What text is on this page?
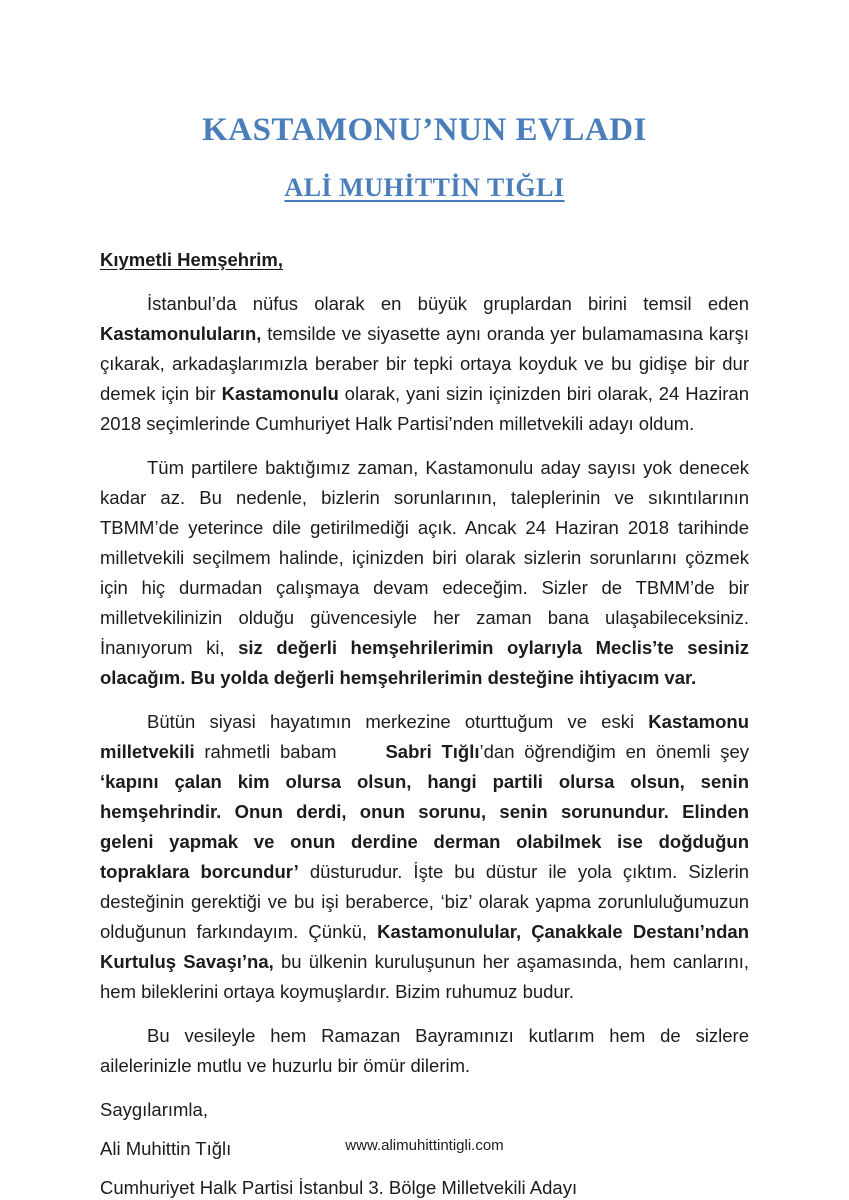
KASTAMONU’NUN EVLADI
ALİ MUHİTTİN TIĞLI

Kıymetli Hemşehrim,

İstanbul’da nüfus olarak en büyük gruplardan birini temsil eden Kastamonuluların, temsilde ve siyasette aynı oranda yer bulamamasına karşı çıkarak, arkadaşlarımızla beraber bir tepki ortaya koyduk ve bu gidişe bir dur demek için bir Kastamonulu olarak, yani sizin içinizden biri olarak, 24 Haziran 2018 seçimlerinde Cumhuriyet Halk Partisi’nden milletvekili adayı oldum.

Tüm partilere baktığımız zaman, Kastamonulu aday sayısı yok denecek kadar az. Bu nedenle, bizlerin sorunlarının, taleplerinin ve sıkıntılarının TBMM’de yeterince dile getirilmediği açık. Ancak 24 Haziran 2018 tarihinde milletvekili seçilmem halinde, içinizden biri olarak sizlerin sorunlarını çözmek için hiç durmadan çalışmaya devam edeceğim. Sizler de TBMM’de bir milletvekilinizin olduğu güvencesiyle her zaman bana ulaşabileceksiniz. İnanıyorum ki, siz değerli hemşehrilerimin oylarıyla Meclis’te sesiniz olacağım. Bu yolda değerli hemşehrilerimin desteğine ihtiyacım var.

Bütün siyasi hayatımın merkezine oturttuğum ve eski Kastamonu milletvekili rahmetli babam     Sabri Tığlı’dan öğrendiğim en önemli şey ‘kapını çalan kim olursa olsun, hangi partili olursa olsun, senin hemşehrindir. Onun derdi, onun sorunu, senin sorunundur. Elinden geleni yapmak ve onun derdine derman olabilmek ise doğduğun topraklara borcundur’ düsturudur. İşte bu düstur ile yola çıktım. Sizlerin desteğinin gerektiği ve bu işi beraberce, ‘biz’ olarak yapma zorunluluğumuzun olduğunun farkındayım. Çünkü, Kastamonulular, Çanakkale Destanı’ndan Kurtuluş Savaşı’na, bu ülkenin kuruluşunun her aşamasında, hem canlarını, hem bileklerini ortaya koymuşlardır. Bizim ruhumuz budur.

Bu vesileyle hem Ramazan Bayramınızı kutlarım hem de sizlere ailelerinizle mutlu ve huzurlu bir ömür dilerim.

Saygılarımla,

Ali Muhittin Tığlı

Cumhuriyet Halk Partisi İstanbul 3. Bölge Milletvekili Adayı

www.alimuhittintigli.com
